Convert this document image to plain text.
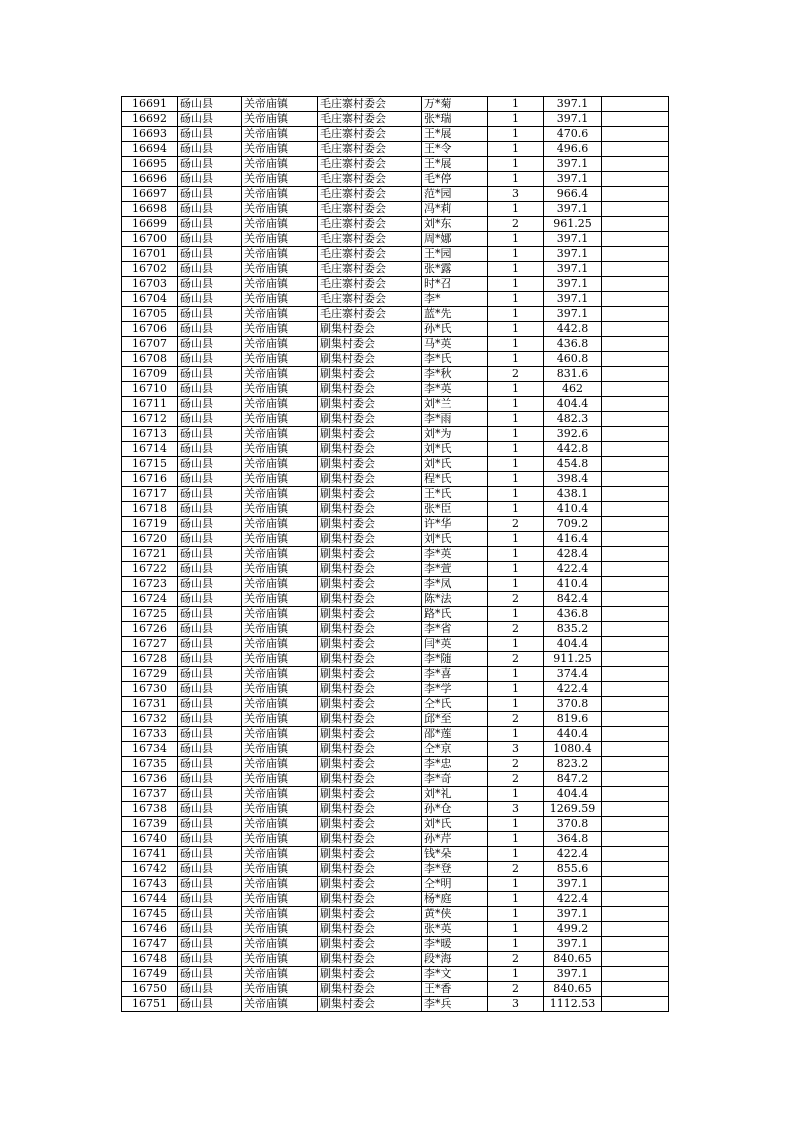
16691	砀山县	关帝庙镇	毛庄寨村委会	万*菊	1	397.1	
16692	砀山县	关帝庙镇	毛庄寨村委会	张*瑞	1	397.1	
16693	砀山县	关帝庙镇	毛庄寨村委会	王*展	1	470.6	
16694	砀山县	关帝庙镇	毛庄寨村委会	王*令	1	496.6	
16695	砀山县	关帝庙镇	毛庄寨村委会	王*展	1	397.1	
16696	砀山县	关帝庙镇	毛庄寨村委会	毛*停	1	397.1	
16697	砀山县	关帝庙镇	毛庄寨村委会	范*园	3	966.4	
16698	砀山县	关帝庙镇	毛庄寨村委会	冯*莉	1	397.1	
16699	砀山县	关帝庙镇	毛庄寨村委会	刘*东	2	961.25	
16700	砀山县	关帝庙镇	毛庄寨村委会	周*娜	1	397.1	
16701	砀山县	关帝庙镇	毛庄寨村委会	王*园	1	397.1	
16702	砀山县	关帝庙镇	毛庄寨村委会	张*露	1	397.1	
16703	砀山县	关帝庙镇	毛庄寨村委会	时*召	1	397.1	
16704	砀山县	关帝庙镇	毛庄寨村委会	李*	1	397.1	
16705	砀山县	关帝庙镇	毛庄寨村委会	蓝*先	1	397.1	
16706	砀山县	关帝庙镇	刷集村委会	孙*氏	1	442.8	
16707	砀山县	关帝庙镇	刷集村委会	马*英	1	436.8	
16708	砀山县	关帝庙镇	刷集村委会	李*氏	1	460.8	
16709	砀山县	关帝庙镇	刷集村委会	李*秋	2	831.6	
16710	砀山县	关帝庙镇	刷集村委会	李*英	1	462	
16711	砀山县	关帝庙镇	刷集村委会	刘*兰	1	404.4	
16712	砀山县	关帝庙镇	刷集村委会	李*雨	1	482.3	
16713	砀山县	关帝庙镇	刷集村委会	刘*为	1	392.6	
16714	砀山县	关帝庙镇	刷集村委会	刘*氏	1	442.8	
16715	砀山县	关帝庙镇	刷集村委会	刘*氏	1	454.8	
16716	砀山县	关帝庙镇	刷集村委会	程*氏	1	398.4	
16717	砀山县	关帝庙镇	刷集村委会	王*氏	1	438.1	
16718	砀山县	关帝庙镇	刷集村委会	张*臣	1	410.4	
16719	砀山县	关帝庙镇	刷集村委会	许*华	2	709.2	
16720	砀山县	关帝庙镇	刷集村委会	刘*氏	1	416.4	
16721	砀山县	关帝庙镇	刷集村委会	李*英	1	428.4	
16722	砀山县	关帝庙镇	刷集村委会	李*萱	1	422.4	
16723	砀山县	关帝庙镇	刷集村委会	李*凤	1	410.4	
16724	砀山县	关帝庙镇	刷集村委会	陈*法	2	842.4	
16725	砀山县	关帝庙镇	刷集村委会	路*氏	1	436.8	
16726	砀山县	关帝庙镇	刷集村委会	李*省	2	835.2	
16727	砀山县	关帝庙镇	刷集村委会	闫*英	1	404.4	
16728	砀山县	关帝庙镇	刷集村委会	李*随	2	911.25	
16729	砀山县	关帝庙镇	刷集村委会	李*喜	1	374.4	
16730	砀山县	关帝庙镇	刷集村委会	李*学	1	422.4	
16731	砀山县	关帝庙镇	刷集村委会	仝*氏	1	370.8	
16732	砀山县	关帝庙镇	刷集村委会	邱*至	2	819.6	
16733	砀山县	关帝庙镇	刷集村委会	邵*莲	1	440.4	
16734	砀山县	关帝庙镇	刷集村委会	仝*京	3	1080.4	
16735	砀山县	关帝庙镇	刷集村委会	李*忠	2	823.2	
16736	砀山县	关帝庙镇	刷集村委会	李*奇	2	847.2	
16737	砀山县	关帝庙镇	刷集村委会	刘*礼	1	404.4	
16738	砀山县	关帝庙镇	刷集村委会	孙*仓	3	1269.59	
16739	砀山县	关帝庙镇	刷集村委会	刘*氏	1	370.8	
16740	砀山县	关帝庙镇	刷集村委会	孙*芹	1	364.8	
16741	砀山县	关帝庙镇	刷集村委会	钱*朵	1	422.4	
16742	砀山县	关帝庙镇	刷集村委会	李*登	2	855.6	
16743	砀山县	关帝庙镇	刷集村委会	仝*明	1	397.1	
16744	砀山县	关帝庙镇	刷集村委会	杨*庭	1	422.4	
16745	砀山县	关帝庙镇	刷集村委会	黄*侠	1	397.1	
16746	砀山县	关帝庙镇	刷集村委会	张*英	1	499.2	
16747	砀山县	关帝庙镇	刷集村委会	李*暖	1	397.1	
16748	砀山县	关帝庙镇	刷集村委会	段*海	2	840.65	
16749	砀山县	关帝庙镇	刷集村委会	李*文	1	397.1	
16750	砀山县	关帝庙镇	刷集村委会	王*香	2	840.65	
16751	砀山县	关帝庙镇	刷集村委会	李*兵	3	1112.53	
